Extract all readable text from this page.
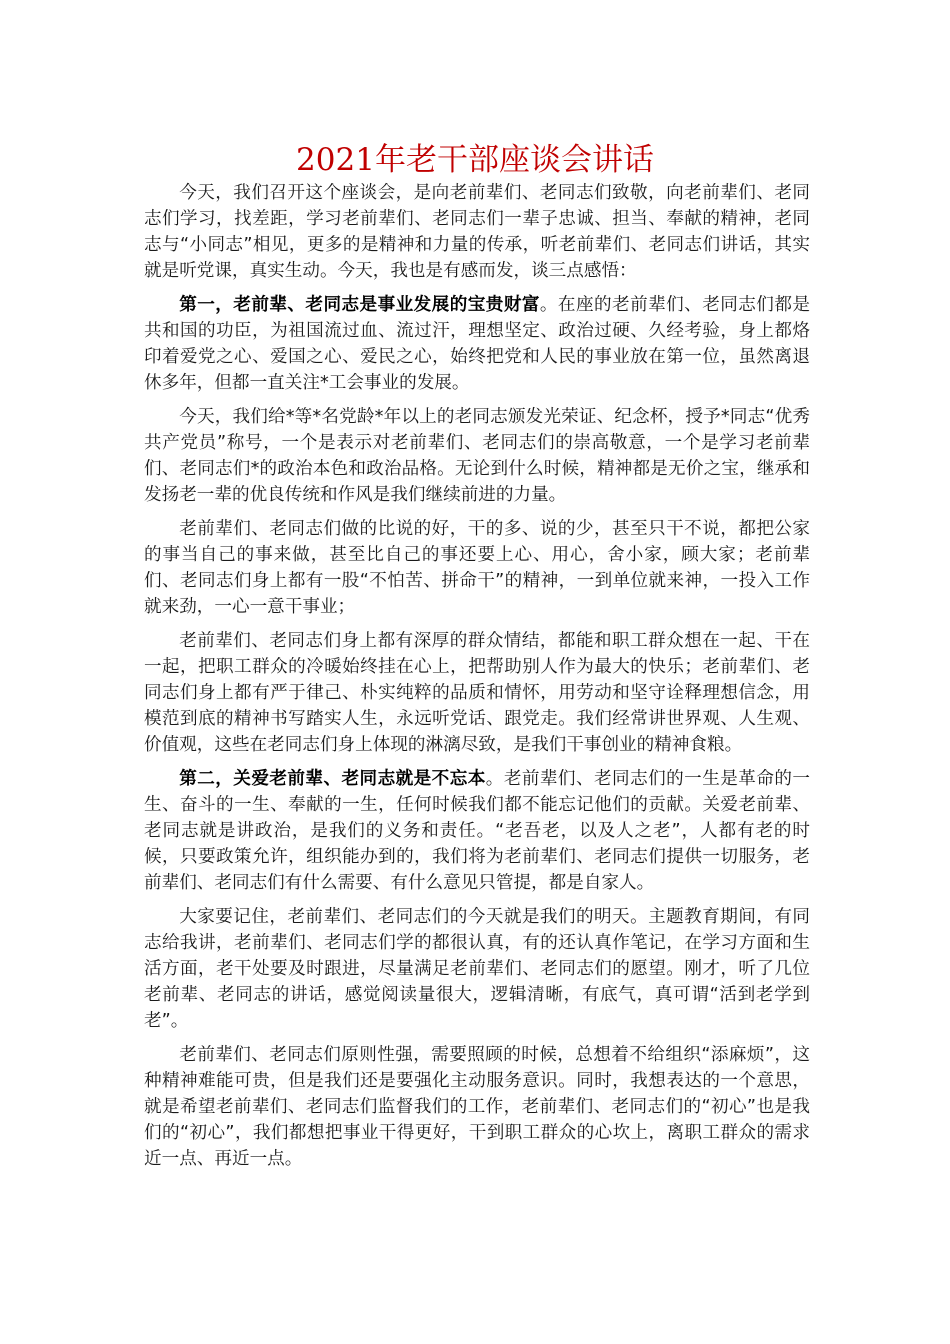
2021年老干部座谈会讲话

今天，我们召开这个座谈会，是向老前辈们、老同志们致敬，向老前辈们、老同志们学习，找差距，学习老前辈们、老同志们一辈子忠诚、担当、奉献的精神，老同志与“小同志”相见，更多的是精神和力量的传承，听老前辈们、老同志们讲话，其实就是听党课，真实生动。今天，我也是有感而发，谈三点感悟：

第一，老前辈、老同志是事业发展的宝贵财富。在座的老前辈们、老同志们都是共和国的功臣，为祖国流过血、流过汗，理想坚定、政治过硬、久经考验，身上都烙印着爱党之心、爱国之心、爱民之心，始终把党和人民的事业放在第一位，虽然离退休多年，但都一直关注*工会事业的发展。

今天，我们给*等*名党龄*年以上的老同志颁发光荣证、纪念杯，授予*同志“优秀共产党员”称号，一个是表示对老前辈们、老同志们的崇高敬意，一个是学习老前辈们、老同志们*的政治本色和政治品格。无论到什么时候，精神都是无价之宝，继承和发扬老一辈的优良传统和作风是我们继续前进的力量。

老前辈们、老同志们做的比说的好，干的多、说的少，甚至只干不说，都把公家的事当自己的事来做，甚至比自己的事还要上心、用心，舍小家，顾大家；老前辈们、老同志们身上都有一股“不怕苦、拼命干”的精神，一到单位就来神，一投入工作就来劲，一心一意干事业；

老前辈们、老同志们身上都有深厚的群众情结，都能和职工群众想在一起、干在一起，把职工群众的冷暖始终挂在心上，把帮助别人作为最大的快乐；老前辈们、老同志们身上都有严于律己、朴实纯粹的品质和情怀，用劳动和坚守诠释理想信念，用模范到底的精神书写踏实人生，永远听党话、跟党走。我们经常讲世界观、人生观、价值观，这些在老同志们身上体现的淋漓尽致，是我们干事创业的精神食粮。

第二，关爱老前辈、老同志就是不忘本。老前辈们、老同志们的一生是革命的一生、奋斗的一生、奉献的一生，任何时候我们都不能忘记他们的贡献。关爱老前辈、老同志就是讲政治，是我们的义务和责任。“老吾老，以及人之老”，人都有老的时候，只要政策允许，组织能办到的，我们将为老前辈们、老同志们提供一切服务，老前辈们、老同志们有什么需要、有什么意见只管提，都是自家人。

大家要记住，老前辈们、老同志们的今天就是我们的明天。主题教育期间，有同志给我讲，老前辈们、老同志们学的都很认真，有的还认真作笔记，在学习方面和生活方面，老干处要及时跟进，尽量满足老前辈们、老同志们的愿望。刚才，听了几位老前辈、老同志的讲话，感觉阅读量很大，逻辑清晰，有底气，真可谓“活到老学到老”。

老前辈们、老同志们原则性强，需要照顾的时候，总想着不给组织“添麻烦”，这种精神难能可贵，但是我们还是要强化主动服务意识。同时，我想表达的一个意思，就是希望老前辈们、老同志们监督我们的工作，老前辈们、老同志们的“初心”也是我们的“初心”，我们都想把事业干得更好，干到职工群众的心坎上，离职工群众的需求近一点、再近一点。
